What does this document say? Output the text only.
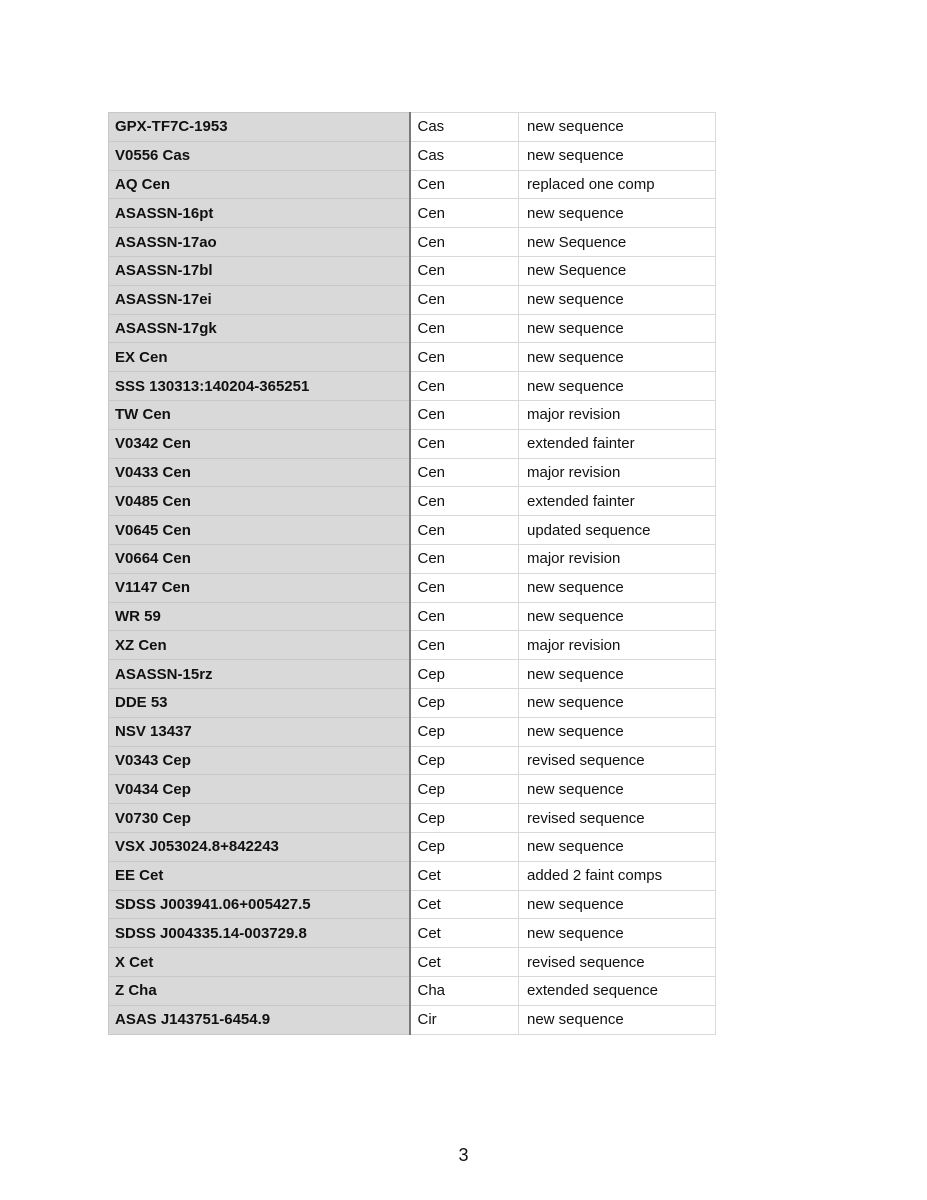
GPX-TF7C-1953	Cas	new sequence
V0556 Cas	Cas	new sequence
AQ Cen	Cen	replaced one comp
ASASSN-16pt	Cen	new sequence
ASASSN-17ao	Cen	new Sequence
ASASSN-17bl	Cen	new Sequence
ASASSN-17ei	Cen	new sequence
ASASSN-17gk	Cen	new sequence
EX Cen	Cen	new sequence
SSS 130313:140204-365251	Cen	new sequence
TW Cen	Cen	major revision
V0342 Cen	Cen	extended fainter
V0433 Cen	Cen	major revision
V0485 Cen	Cen	extended fainter
V0645 Cen	Cen	updated sequence
V0664 Cen	Cen	major revision
V1147 Cen	Cen	new sequence
WR 59	Cen	new sequence
XZ Cen	Cen	major revision
ASASSN-15rz	Cep	new sequence
DDE 53	Cep	new sequence
NSV 13437	Cep	new sequence
V0343 Cep	Cep	revised sequence
V0434 Cep	Cep	new sequence
V0730 Cep	Cep	revised sequence
VSX J053024.8+842243	Cep	new sequence
EE Cet	Cet	added 2 faint comps
SDSS J003941.06+005427.5	Cet	new sequence
SDSS J004335.14-003729.8	Cet	new sequence
X Cet	Cet	revised sequence
Z Cha	Cha	extended sequence
ASAS J143751-6454.9	Cir	new sequence
3
